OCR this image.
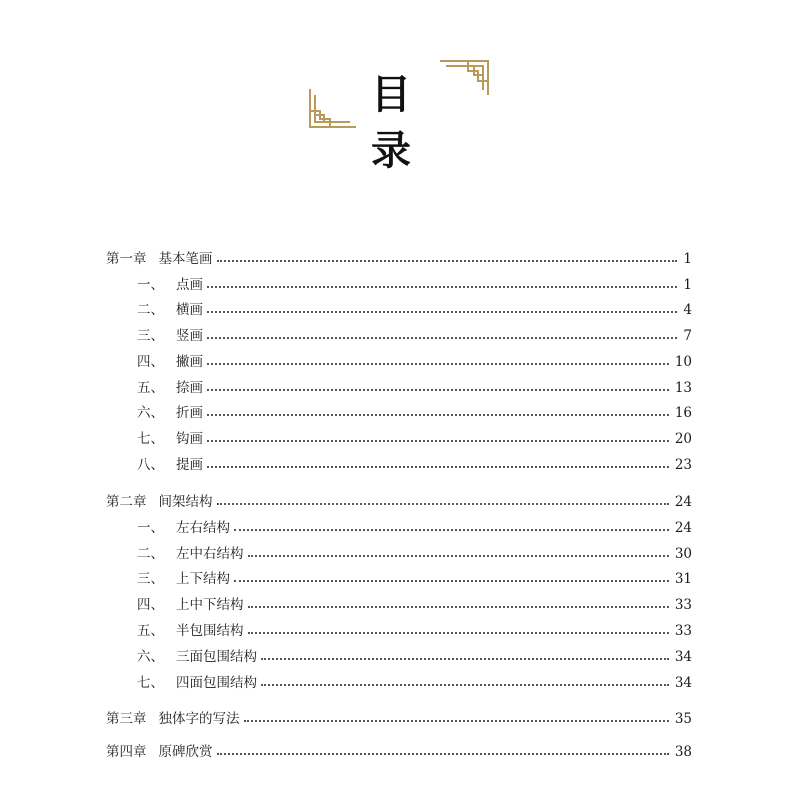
目录
第一章 基本笔画	1
一、 点画	1
二、 横画	4
三、 竖画	7
四、 撇画	10
五、 捺画	13
六、 折画	16
七、 钩画	20
八、 提画	23
第二章 间架结构	24
一、 左右结构	24
二、 左中右结构	30
三、 上下结构	31
四、 上中下结构	33
五、 半包围结构	33
六、 三面包围结构	34
七、 四面包围结构	34
第三章 独体字的写法	35
第四章 原碑欣赏	38
